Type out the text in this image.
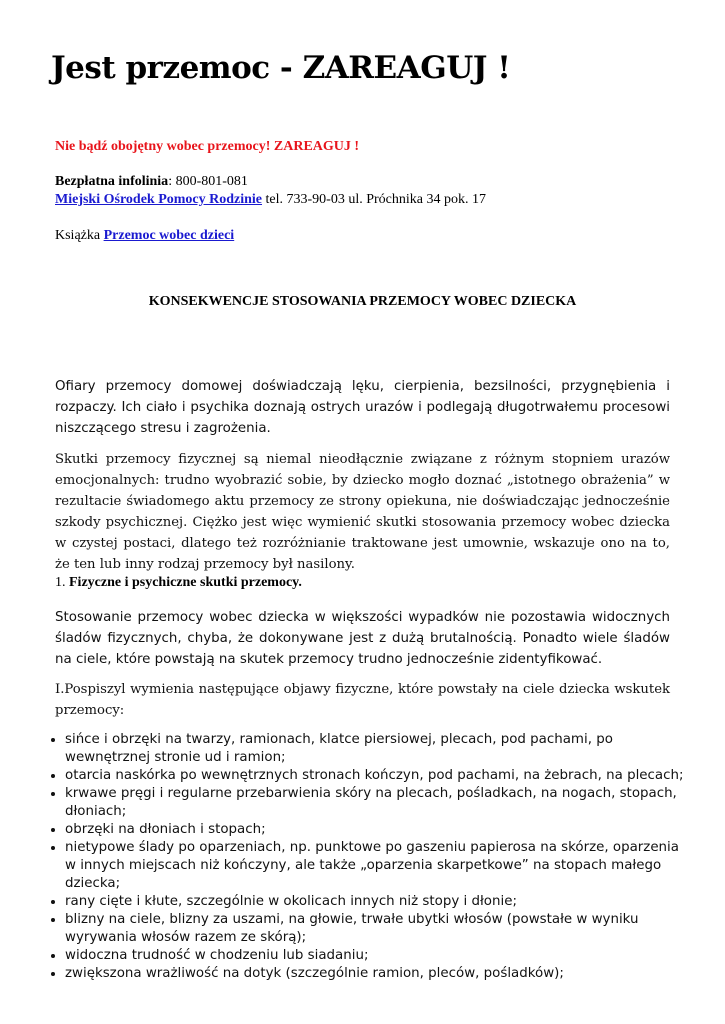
Jest przemoc - ZAREAGUJ !
Nie bądź obojętny wobec przemocy! ZAREAGUJ !
Bezpłatna infolinia: 800-801-081
Miejski Ośrodek Pomocy Rodzinie tel. 733-90-03 ul. Próchnika 34 pok. 17
Książka Przemoc wobec dzieci
KONSEKWENCJE STOSOWANIA PRZEMOCY WOBEC DZIECKA

Ofiary przemocy domowej doświadczają lęku, cierpienia, bezsilności, przygnębienia i rozpaczy. Ich ciało i psychika doznają ostrych urazów i podlegają długotrwałemu procesowi niszczącego stresu i zagrożenia.

Skutki przemocy fizycznej są niemal nieodłącznie związane z różnym stopniem urazów emocjonalnych: trudno wyobrazić sobie, by dziecko mogło doznać „istotnego obrażenia” w rezultacie świadomego aktu przemocy ze strony opiekuna, nie doświadczając jednocześnie szkody psychicznej. Ciężko jest więc wymienić skutki stosowania przemocy wobec dziecka w czystej postaci, dlatego też rozróżnianie traktowane jest umownie, wskazuje ono na to, że ten lub inny rodzaj przemocy był nasilony.

1. Fizyczne i psychiczne skutki przemocy.

Stosowanie przemocy wobec dziecka w większości wypadków nie pozostawia widocznych śladów fizycznych, chyba, że dokonywane jest z dużą brutalnością. Ponadto wiele śladów na ciele, które powstają na skutek przemocy trudno jednocześnie zidentyfikować.

I.Pospiszyl wymienia następujące objawy fizyczne, które powstały na ciele dziecka wskutek przemocy:

• sińce i obrzęki na twarzy, ramionach, klatce piersiowej, plecach, pod pachami, po wewnętrznej stronie ud i ramion;
• otarcia naskórka po wewnętrznych stronach kończyn, pod pachami, na żebrach, na plecach;
• krwawe pręgi i regularne przebarwienia skóry na plecach, pośladkach, na nogach, stopach, dłoniach;
• obrzęki na dłoniach i stopach;
• nietypowe ślady po oparzeniach, np. punktowe po gaszeniu papierosa na skórze, oparzenia w innych miejscach niż kończyny, ale także „oparzenia skarpetkowe” na stopach małego dziecka;
• rany cięte i kłute, szczególnie w okolicach innych niż stopy i dłonie;
• blizny na ciele, blizny za uszami, na głowie, trwałe ubytki włosów (powstałe w wyniku wyrywania włosów razem ze skórą);
• widoczna trudność w chodzeniu lub siadaniu;
• zwiększona wrażliwość na dotyk (szczególnie ramion, pleców, pośladków);
